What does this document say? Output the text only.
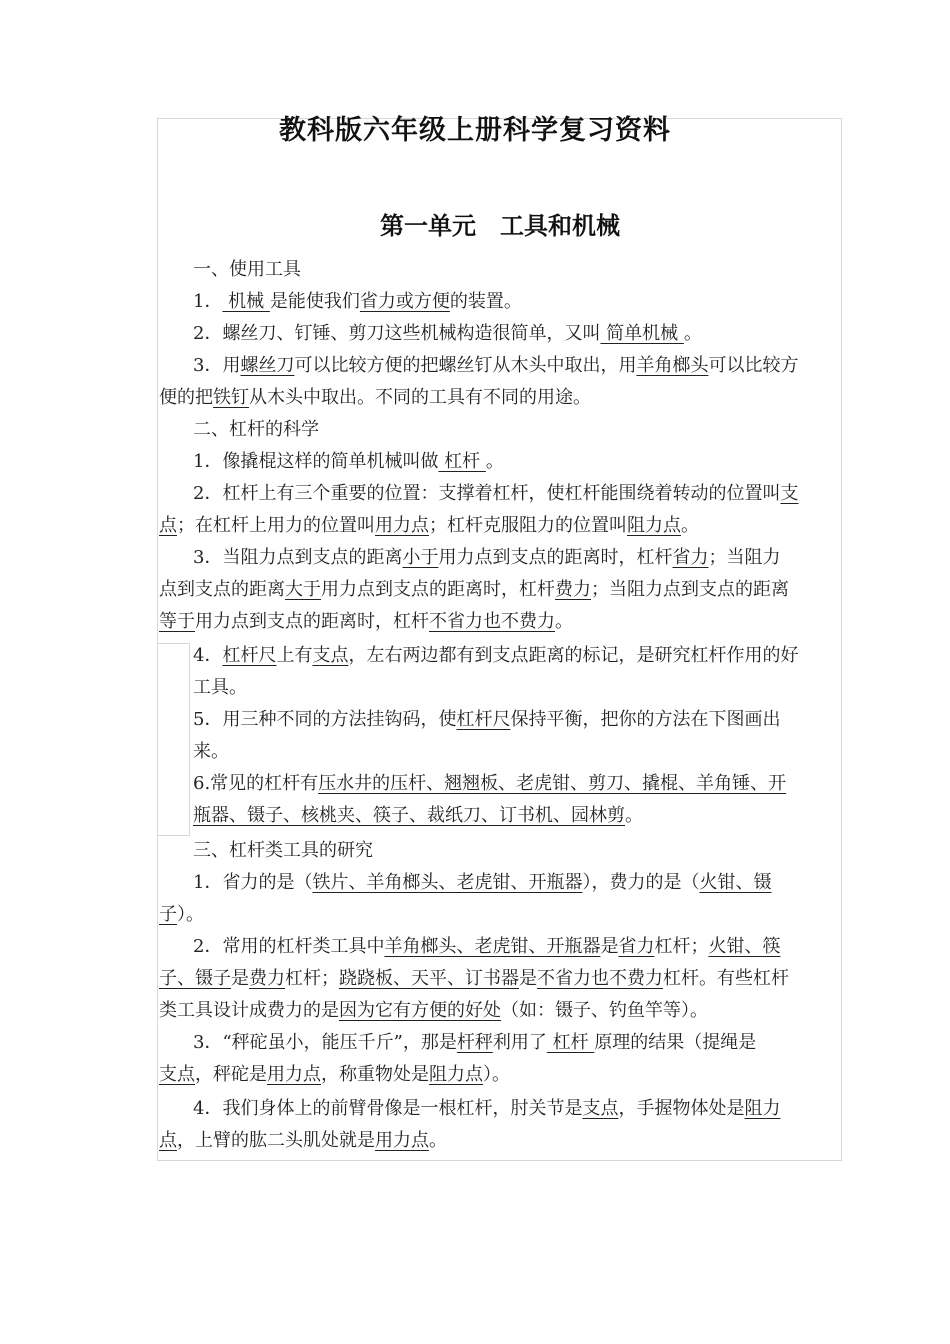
教科版六年级上册科学复习资料
第一单元　工具和机械
一、使用工具
1． 机械 是能使我们省力或方便的装置。
2．螺丝刀、钉锤、剪刀这些机械构造很简单，又叫 简单机械 。
3．用螺丝刀可以比较方便的把螺丝钉从木头中取出，用羊角榔头可以比较方
便的把铁钉从木头中取出。不同的工具有不同的用途。
二、杠杆的科学
1．像撬棍这样的简单机械叫做 杠杆 。
2．杠杆上有三个重要的位置：支撑着杠杆，使杠杆能围绕着转动的位置叫支
点；在杠杆上用力的位置叫用力点；杠杆克服阻力的位置叫阻力点。
3．当阻力点到支点的距离小于用力点到支点的距离时，杠杆省力；当阻力
点到支点的距离大于用力点到支点的距离时，杠杆费力；当阻力点到支点的距离
等于用力点到支点的距离时，杠杆不省力也不费力。
4．杠杆尺上有支点，左右两边都有到支点距离的标记，是研究杠杆作用的好
工具。
5．用三种不同的方法挂钩码，使杠杆尺保持平衡，把你的方法在下图画出
来。
6.常见的杠杆有压水井的压杆、翘翘板、老虎钳、剪刀、撬棍、羊角锤、开
瓶器、镊子、核桃夹、筷子、裁纸刀、订书机、园林剪。
三、杠杆类工具的研究
1．省力的是（铁片、羊角榔头、老虎钳、开瓶器），费力的是（火钳、镊
子）。
2．常用的杠杆类工具中羊角榔头、老虎钳、开瓶器是省力杠杆；火钳、筷
子、镊子是费力杠杆；跷跷板、天平、订书器是不省力也不费力杠杆。有些杠杆
类工具设计成费力的是因为它有方便的好处（如：镊子、钓鱼竿等）。
3．“秤砣虽小，能压千斤”，那是杆秤利用了 杠杆 原理的结果（提绳是
支点，秤砣是用力点，称重物处是阻力点）。
4．我们身体上的前臂骨像是一根杠杆，肘关节是支点，手握物体处是阻力
点，上臂的肱二头肌处就是用力点。
